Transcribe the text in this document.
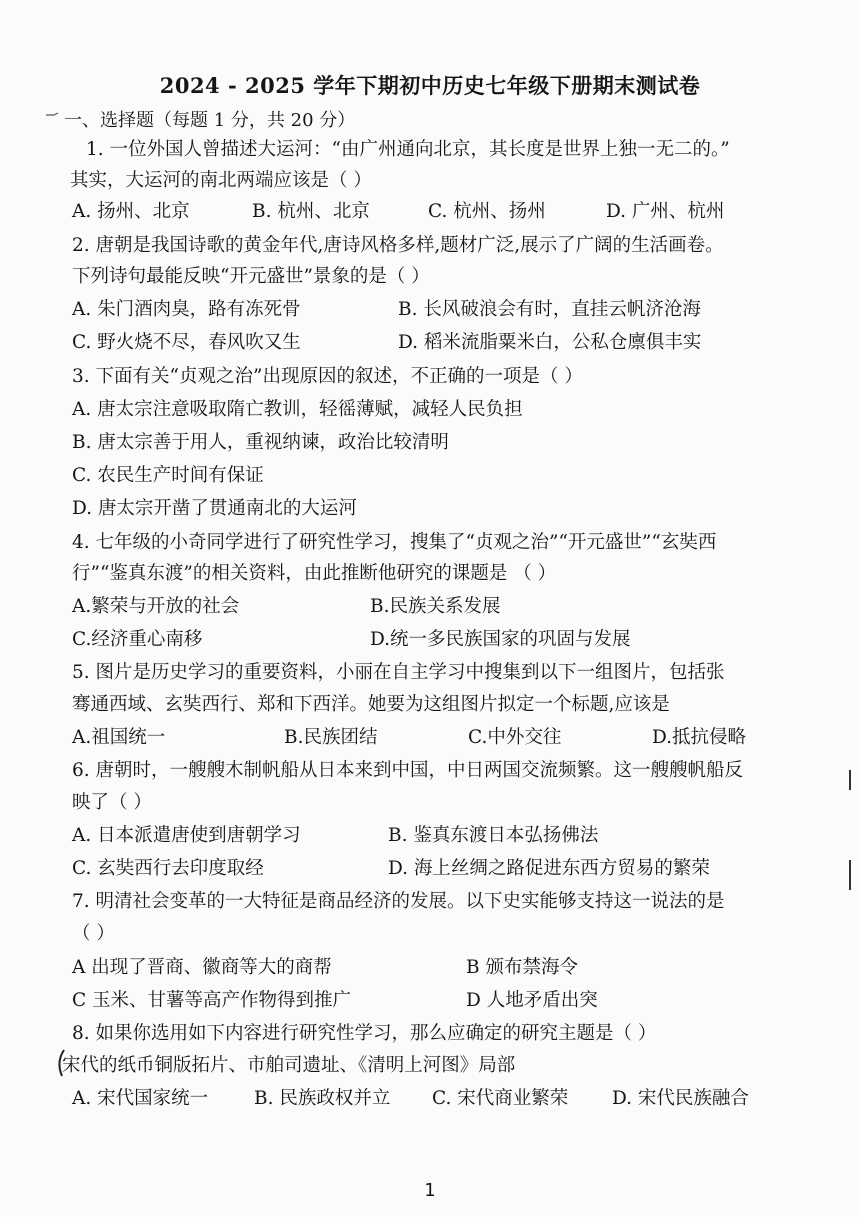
2024 - 2025 学年下期初中历史七年级下册期末测试卷
一、选择题（每题 1 分，共 20 分）
1. 一位外国人曾描述大运河：“由广州通向北京，其长度是世界上独一无二的。”
其实，大运河的南北两端应该是（ ）
A. 扬州、北京	B. 杭州、北京	C. 杭州、扬州	D. 广州、杭州
2. 唐朝是我国诗歌的黄金年代,唐诗风格多样,题材广泛,展示了广阔的生活画卷。
下列诗句最能反映“开元盛世”景象的是（ ）
A. 朱门酒肉臭，路有冻死骨	B. 长风破浪会有时，直挂云帆济沧海
C. 野火烧不尽，春风吹又生	D. 稻米流脂粟米白，公私仓廪俱丰实
3. 下面有关“贞观之治”出现原因的叙述，不正确的一项是（ ）
A. 唐太宗注意吸取隋亡教训，轻徭薄赋，减轻人民负担
B. 唐太宗善于用人，重视纳谏，政治比较清明
C. 农民生产时间有保证
D. 唐太宗开凿了贯通南北的大运河
4. 七年级的小奇同学进行了研究性学习，搜集了“贞观之治”“开元盛世”“玄奘西
行”“鉴真东渡”的相关资料，由此推断他研究的课题是 （ ）
A.繁荣与开放的社会	B.民族关系发展
C.经济重心南移	D.统一多民族国家的巩固与发展
5. 图片是历史学习的重要资料，小丽在自主学习中搜集到以下一组图片，包括张
骞通西域、玄奘西行、郑和下西洋。她要为这组图片拟定一个标题,应该是
A.祖国统一	B.民族团结	C.中外交往	D.抵抗侵略
6. 唐朝时，一艘艘木制帆船从日本来到中国，中日两国交流频繁。这一艘艘帆船反
映了（ ）
A. 日本派遣唐使到唐朝学习	B. 鉴真东渡日本弘扬佛法
C. 玄奘西行去印度取经	D. 海上丝绸之路促进东西方贸易的繁荣
7. 明清社会变革的一大特征是商品经济的发展。以下史实能够支持这一说法的是
（ ）
A 出现了晋商、徽商等大的商帮	B 颁布禁海令
C 玉米、甘薯等高产作物得到推广	D 人地矛盾出突
8. 如果你选用如下内容进行研究性学习，那么应确定的研究主题是（ ）
宋代的纸币铜版拓片、市舶司遗址、《清明上河图》局部
A. 宋代国家统一 B. 民族政权并立 C. 宋代商业繁荣 D. 宋代民族融合
1
